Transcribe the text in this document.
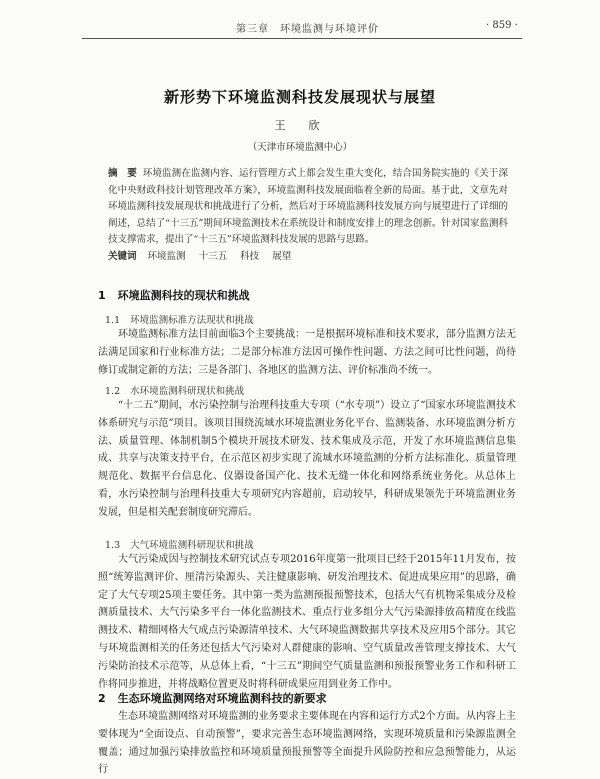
第三章　环境监测与环境评价	· 859 ·
新形势下环境监测科技发展现状与展望
王　欣
（天津市环境监测中心）
摘　要 环境监测在监测内容、运行管理方式上都会发生重大变化，结合国务院实施的《关于深化中央财政科技计划管理改革方案》，环境监测科技发展面临着全新的局面。基于此，文章先对环境监测科技发展现状和挑战进行了分析，然后对于环境监测科技发展方向与展望进行了详细的阐述，总结了“十三五”期间环境监测技术在系统设计和制度安排上的理念创新。针对国家监测科技支撑需求，提出了“十三五”环境监测科技发展的思路与思路。
关键词 环境监测 十三五 科技 展望
1 环境监测科技的现状和挑战
1.1 环境监测标准方法现状和挑战

环境监测标准方法目前面临3个主要挑战：一是根据环境标准和技术要求，部分监测方法无法满足国家和行业标准方法；二是部分标准方法因可操作性问题、方法之间可比性问题，尚待修订或制定新的方法；三是各部门、各地区的监测方法、评价标准尚不统一。

1.2 水环境监测科研现状和挑战

“十二五”期间，水污染控制与治理科技重大专项（“水专项”）设立了“国家水环境监测技术体系研究与示范”项目。该项目围绕流域水环境监测业务化平台、监测装备、水环境监测分析方法、质量管理、体制机制5个模块开展技术研发、技术集成及示范，开发了水环境监测信息集成、共享与决策支持平台，在示范区初步实现了流域水环境监测的分析方法标准化、质量管理规范化、数据平台信息化、仪器设备国产化、技术无缝一体化和网络系统业务化。从总体上看，水污染控制与治理科技重大专项研究内容超前，启动较早，科研成果领先于环境监测业务发展，但是相关配套制度研究滞后。

1.3 大气环境监测科研现状和挑战

大气污染成因与控制技术研究试点专项2016年度第一批项目已经于2015年11月发布，按照“统筹监测评价、厘清污染源头、关注健康影响、研发治理技术、促进成果应用”的思路，确定了大气专项25项主要任务。其中第一类为监测预报预警技术，包括大气有机物采集成分及检测质量技术、大气污染多平台一体化监测技术、重点行业多组分大气污染源排放高精度在线监测技术、精细网格大气成点污染源清单技术、大气环境监测数据共享技术及应用5个部分。其它与环境监测相关的任务还包括大气污染对人群健康的影响、空气质量改善管理支撑技术、大气污染防治技术示范等，从总体上看，“十三五”期间空气质量监测和预报预警业务工作和科研工作将同步推进，并将战略位置更及时将科研成果应用到业务工作中。

2 生态环境监测网络对环境监测科技的新要求

生态环境监测网络对环境监测的业务要求主要体现在内容和运行方式2个方面。从内容上主要体现为“全面设点、自动预警”，要求完善生态环境监测网络，实现环境质量和污染源监测全覆盖；通过加强污染排放监控和环境质量预报预警等全面提升风险防控和应急预警能力，从运行
